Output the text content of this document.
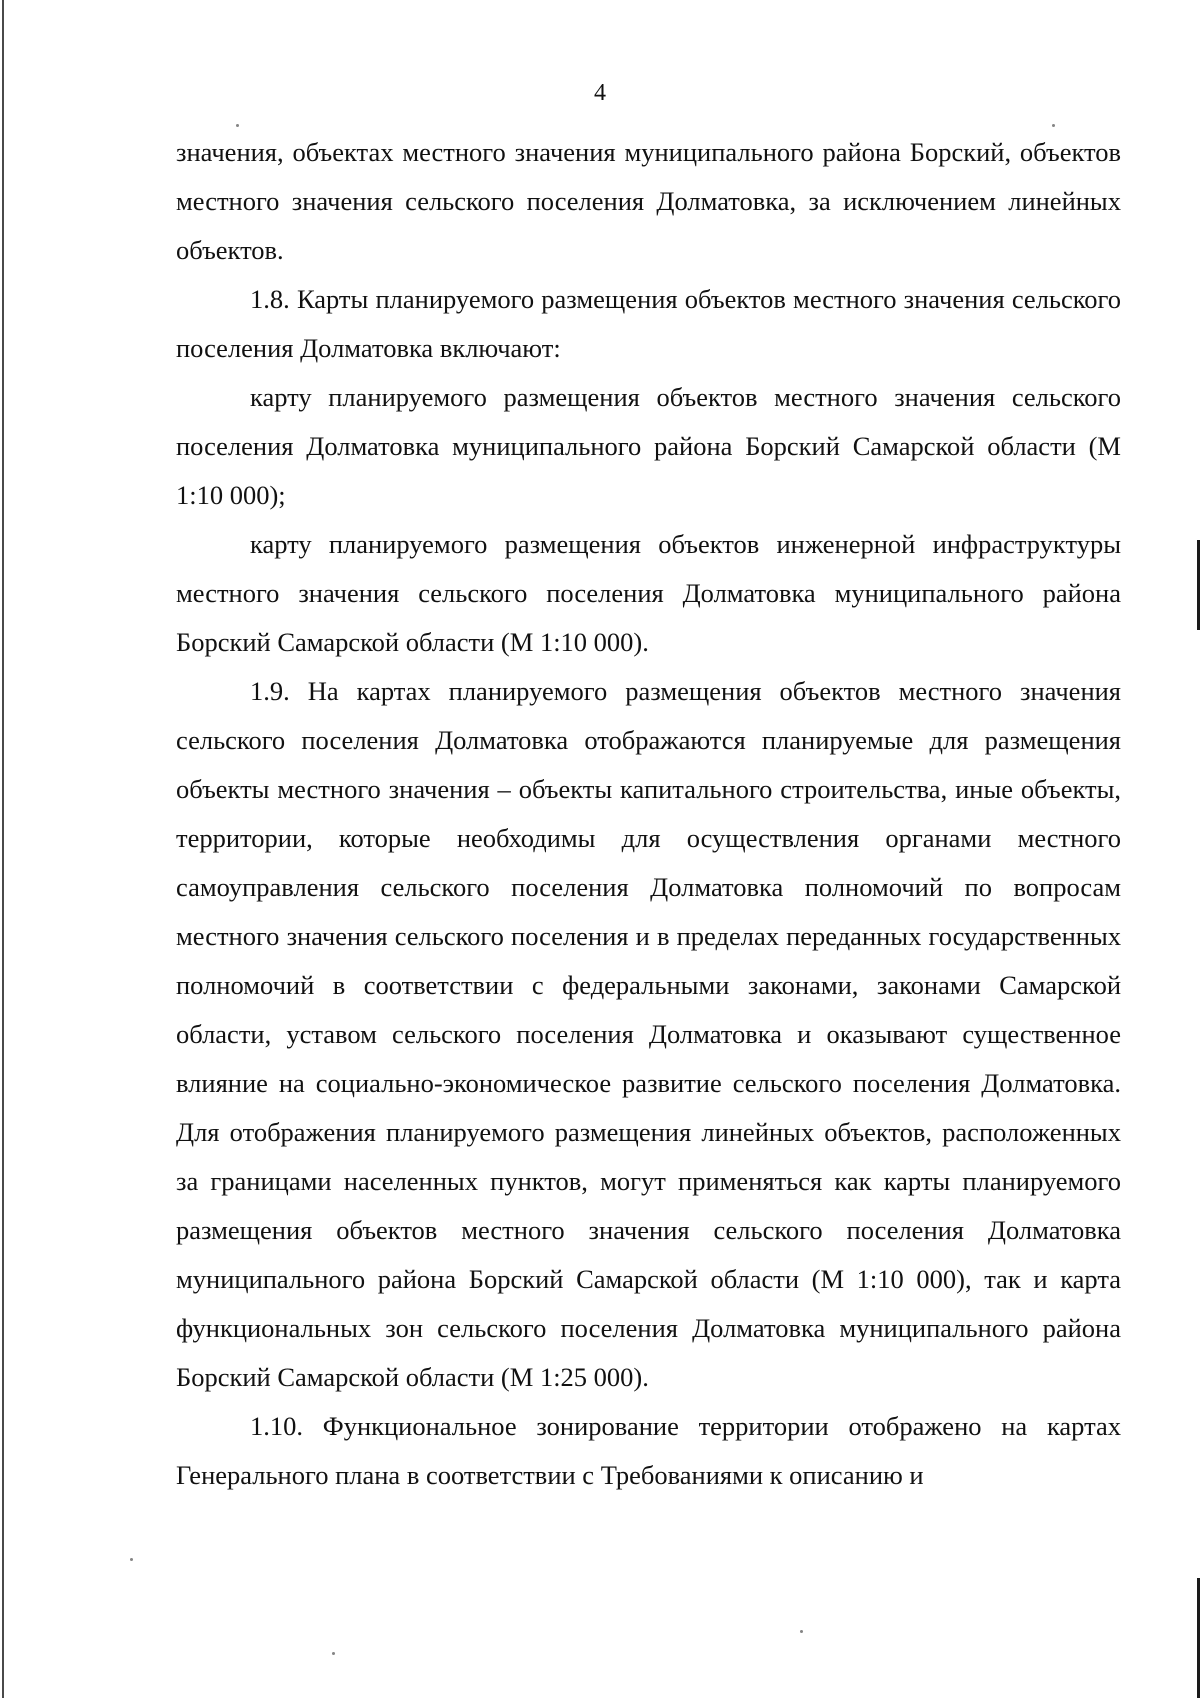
4

значения, объектах местного значения муниципального района Борский, объектов местного значения сельского поселения Долматовка, за исключением линейных объектов.

1.8. Карты планируемого размещения объектов местного значения сельского поселения Долматовка включают:

карту планируемого размещения объектов местного значения сельского поселения Долматовка муниципального района Борский Самарской области (М 1:10 000);

карту планируемого размещения объектов инженерной инфраструктуры местного значения сельского поселения Долматовка муниципального района Борский Самарской области (М 1:10 000).

1.9. На картах планируемого размещения объектов местного значения сельского поселения Долматовка отображаются планируемые для размещения объекты местного значения – объекты капитального строительства, иные объекты, территории, которые необходимы для осуществления органами местного самоуправления сельского поселения Долматовка полномочий по вопросам местного значения сельского поселения и в пределах переданных государственных полномочий в соответствии с федеральными законами, законами Самарской области, уставом сельского поселения Долматовка и оказывают существенное влияние на социально-экономическое развитие сельского поселения Долматовка. Для отображения планируемого размещения линейных объектов, расположенных за границами населенных пунктов, могут применяться как карты планируемого размещения объектов местного значения сельского поселения Долматовка муниципального района Борский Самарской области (М 1:10 000), так и карта функциональных зон сельского поселения Долматовка муниципального района Борский Самарской области (М 1:25 000).

1.10. Функциональное зонирование территории отображено на картах Генерального плана в соответствии с Требованиями к описанию и
